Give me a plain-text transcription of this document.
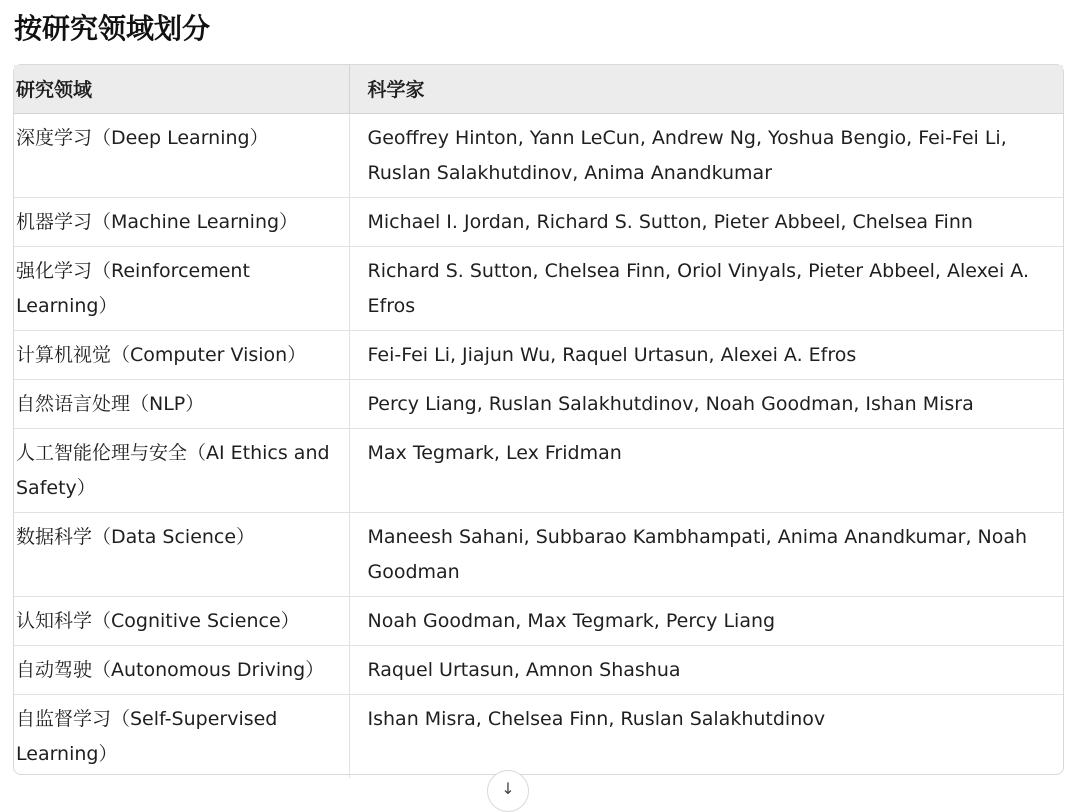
按研究领域划分
研究领域	科学家
深度学习（Deep Learning）	Geoffrey Hinton, Yann LeCun, Andrew Ng, Yoshua Bengio, Fei-Fei Li, Ruslan Salakhutdinov, Anima Anandkumar
机器学习（Machine Learning）	Michael I. Jordan, Richard S. Sutton, Pieter Abbeel, Chelsea Finn
强化学习（Reinforcement Learning）	Richard S. Sutton, Chelsea Finn, Oriol Vinyals, Pieter Abbeel, Alexei A. Efros
计算机视觉（Computer Vision）	Fei-Fei Li, Jiajun Wu, Raquel Urtasun, Alexei A. Efros
自然语言处理（NLP）	Percy Liang, Ruslan Salakhutdinov, Noah Goodman, Ishan Misra
人工智能伦理与安全（AI Ethics and Safety）	Max Tegmark, Lex Fridman
数据科学（Data Science）	Maneesh Sahani, Subbarao Kambhampati, Anima Anandkumar, Noah Goodman
认知科学（Cognitive Science）	Noah Goodman, Max Tegmark, Percy Liang
自动驾驶（Autonomous Driving）	Raquel Urtasun, Amnon Shashua
自监督学习（Self-Supervised Learning）	Ishan Misra, Chelsea Finn, Ruslan Salakhutdinov
↓
